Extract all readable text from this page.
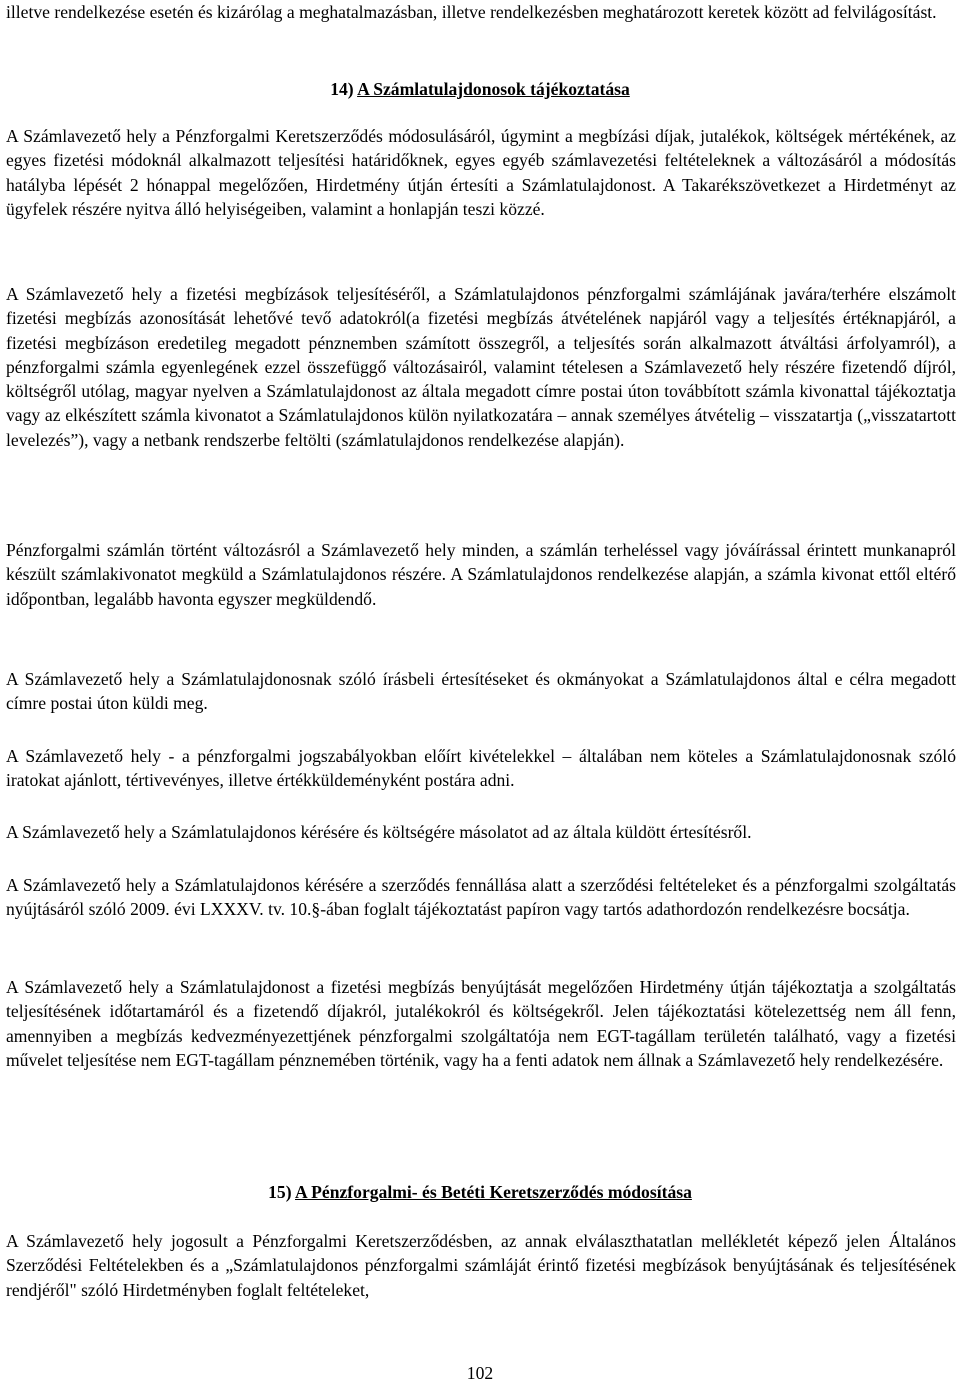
illetve rendelkezése esetén és kizárólag a meghatalmazásban, illetve rendelkezésben meghatározott keretek között ad felvilágosítást.

14) A Számlatulajdonosok tájékoztatása

A Számlavezető hely a Pénzforgalmi Keretszerződés módosulásáról, úgymint a megbízási díjak, jutalékok, költségek mértékének, az egyes fizetési módoknál alkalmazott teljesítési határidőknek, egyes egyéb számlavezetési feltételeknek a változásáról a módosítás hatályba lépését 2 hónappal megelőzően, Hirdetmény útján értesíti a Számlatulajdonost. A Takarékszövetkezet a Hirdetményt az ügyfelek részére nyitva álló helyiségeiben, valamint a honlapján teszi közzé.

A Számlavezető hely a fizetési megbízások teljesítéséről, a Számlatulajdonos pénzforgalmi számlájának javára/terhére elszámolt fizetési megbízás azonosítását lehetővé tevő adatokról(a fizetési megbízás átvételének napjáról vagy a teljesítés értéknapjáról, a fizetési megbízáson eredetileg megadott pénznemben számított összegről, a teljesítés során alkalmazott átváltási árfolyamról), a pénzforgalmi számla egyenlegének ezzel összefüggő változásairól, valamint tételesen a Számlavezető hely részére fizetendő díjról, költségről utólag, magyar nyelven a Számlatulajdonost az általa megadott címre postai úton továbbított számla kivonattal tájékoztatja vagy az elkészített számla kivonatot a Számlatulajdonos külön nyilatkozatára – annak személyes átvételig – visszatartja („visszatartott levelezés”), vagy a netbank rendszerbe feltölti (számlatulajdonos rendelkezése alapján).

Pénzforgalmi számlán történt változásról a Számlavezető hely minden, a számlán terheléssel vagy jóváírással érintett munkanapról készült számlakivonatot megküld a Számlatulajdonos részére. A Számlatulajdonos rendelkezése alapján, a számla kivonat ettől eltérő időpontban, legalább havonta egyszer megküldendő.

A Számlavezető hely a Számlatulajdonosnak szóló írásbeli értesítéseket és okmányokat a Számlatulajdonos által e célra megadott címre postai úton küldi meg.

A Számlavezető hely - a pénzforgalmi jogszabályokban előírt kivételekkel – általában nem köteles a Számlatulajdonosnak szóló iratokat ajánlott, tértivevényes, illetve értékküldeményként postára adni.

A Számlavezető hely a Számlatulajdonos kérésére és költségére másolatot ad az általa küldött értesítésről.

A Számlavezető hely a Számlatulajdonos kérésére a szerződés fennállása alatt a szerződési feltételeket és a pénzforgalmi szolgáltatás nyújtásáról szóló 2009. évi LXXXV. tv. 10.§-ában foglalt tájékoztatást papíron vagy tartós adathordozón rendelkezésre bocsátja.

A Számlavezető hely a Számlatulajdonost a fizetési megbízás benyújtását megelőzően Hirdetmény útján tájékoztatja a szolgáltatás teljesítésének időtartamáról és a fizetendő díjakról, jutalékokról és költségekről. Jelen tájékoztatási kötelezettség nem áll fenn, amennyiben a megbízás kedvezményezettjének pénzforgalmi szolgáltatója nem EGT-tagállam területén található, vagy a fizetési művelet teljesítése nem EGT-tagállam pénznemében történik, vagy ha a fenti adatok nem állnak a Számlavezető hely rendelkezésére.

15) A Pénzforgalmi- és Betéti Keretszerződés módosítása

A Számlavezető hely jogosult a Pénzforgalmi Keretszerződésben, az annak elválaszthatatlan mellékletét képező jelen Általános Szerződési Feltételekben és a „Számlatulajdonos pénzforgalmi számláját érintő fizetési megbízások benyújtásának és teljesítésének rendjéről" szóló Hirdetményben foglalt feltételeket,

102
